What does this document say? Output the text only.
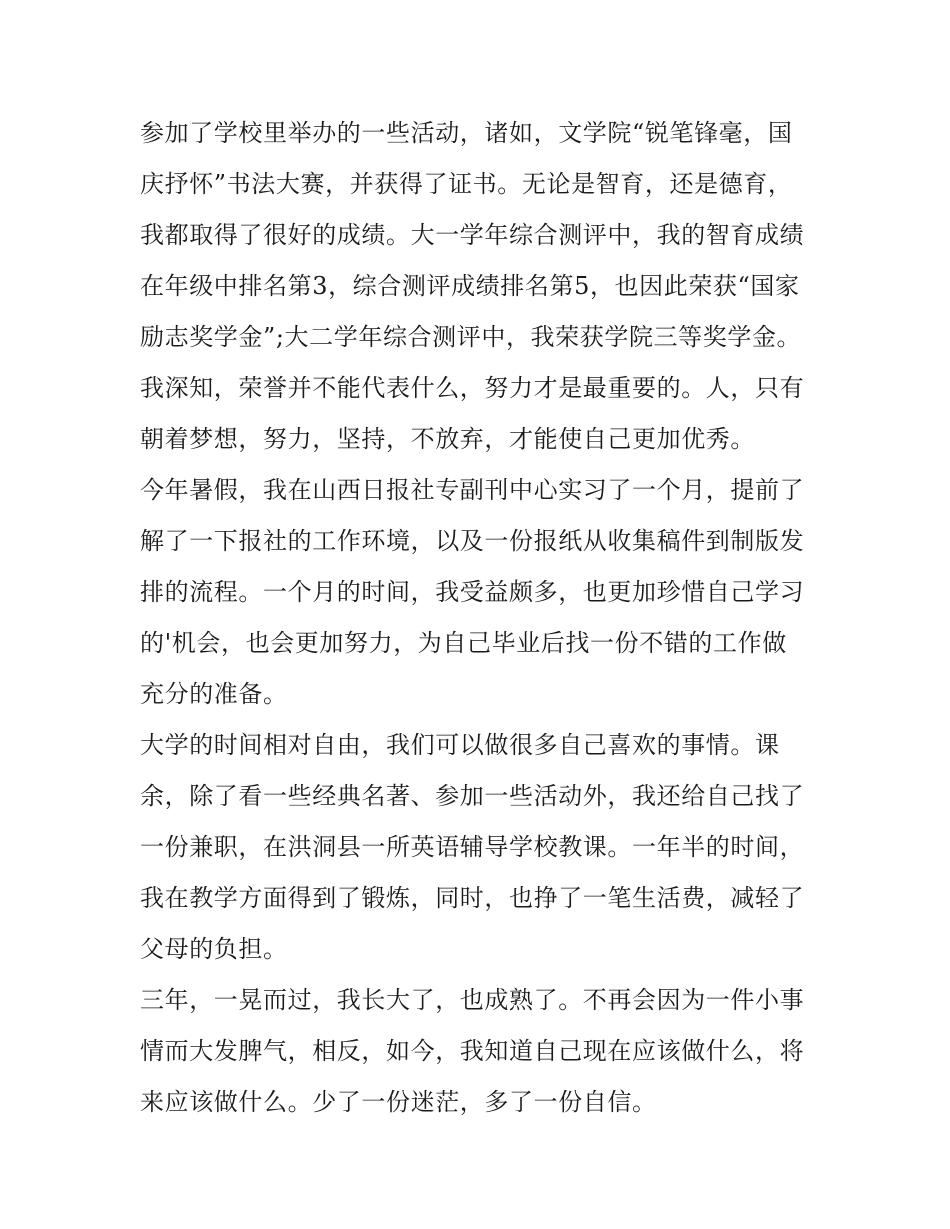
参加了学校里举办的一些活动，诸如，文学院“锐笔锋毫，国
庆抒怀”书法大赛，并获得了证书。无论是智育，还是德育，
我都取得了很好的成绩。大一学年综合测评中，我的智育成绩
在年级中排名第3，综合测评成绩排名第5，也因此荣获“国家
励志奖学金”;大二学年综合测评中，我荣获学院三等奖学金。
我深知，荣誉并不能代表什么，努力才是最重要的。人，只有
朝着梦想，努力，坚持，不放弃，才能使自己更加优秀。
今年暑假，我在山西日报社专副刊中心实习了一个月，提前了
解了一下报社的工作环境，以及一份报纸从收集稿件到制版发
排的流程。一个月的时间，我受益颇多，也更加珍惜自己学习
的'机会，也会更加努力，为自己毕业后找一份不错的工作做
充分的准备。
大学的时间相对自由，我们可以做很多自己喜欢的事情。课
余，除了看一些经典名著、参加一些活动外，我还给自己找了
一份兼职，在洪洞县一所英语辅导学校教课。一年半的时间，
我在教学方面得到了锻炼，同时，也挣了一笔生活费，减轻了
父母的负担。
三年，一晃而过，我长大了，也成熟了。不再会因为一件小事
情而大发脾气，相反，如今，我知道自己现在应该做什么，将
来应该做什么。少了一份迷茫，多了一份自信。
